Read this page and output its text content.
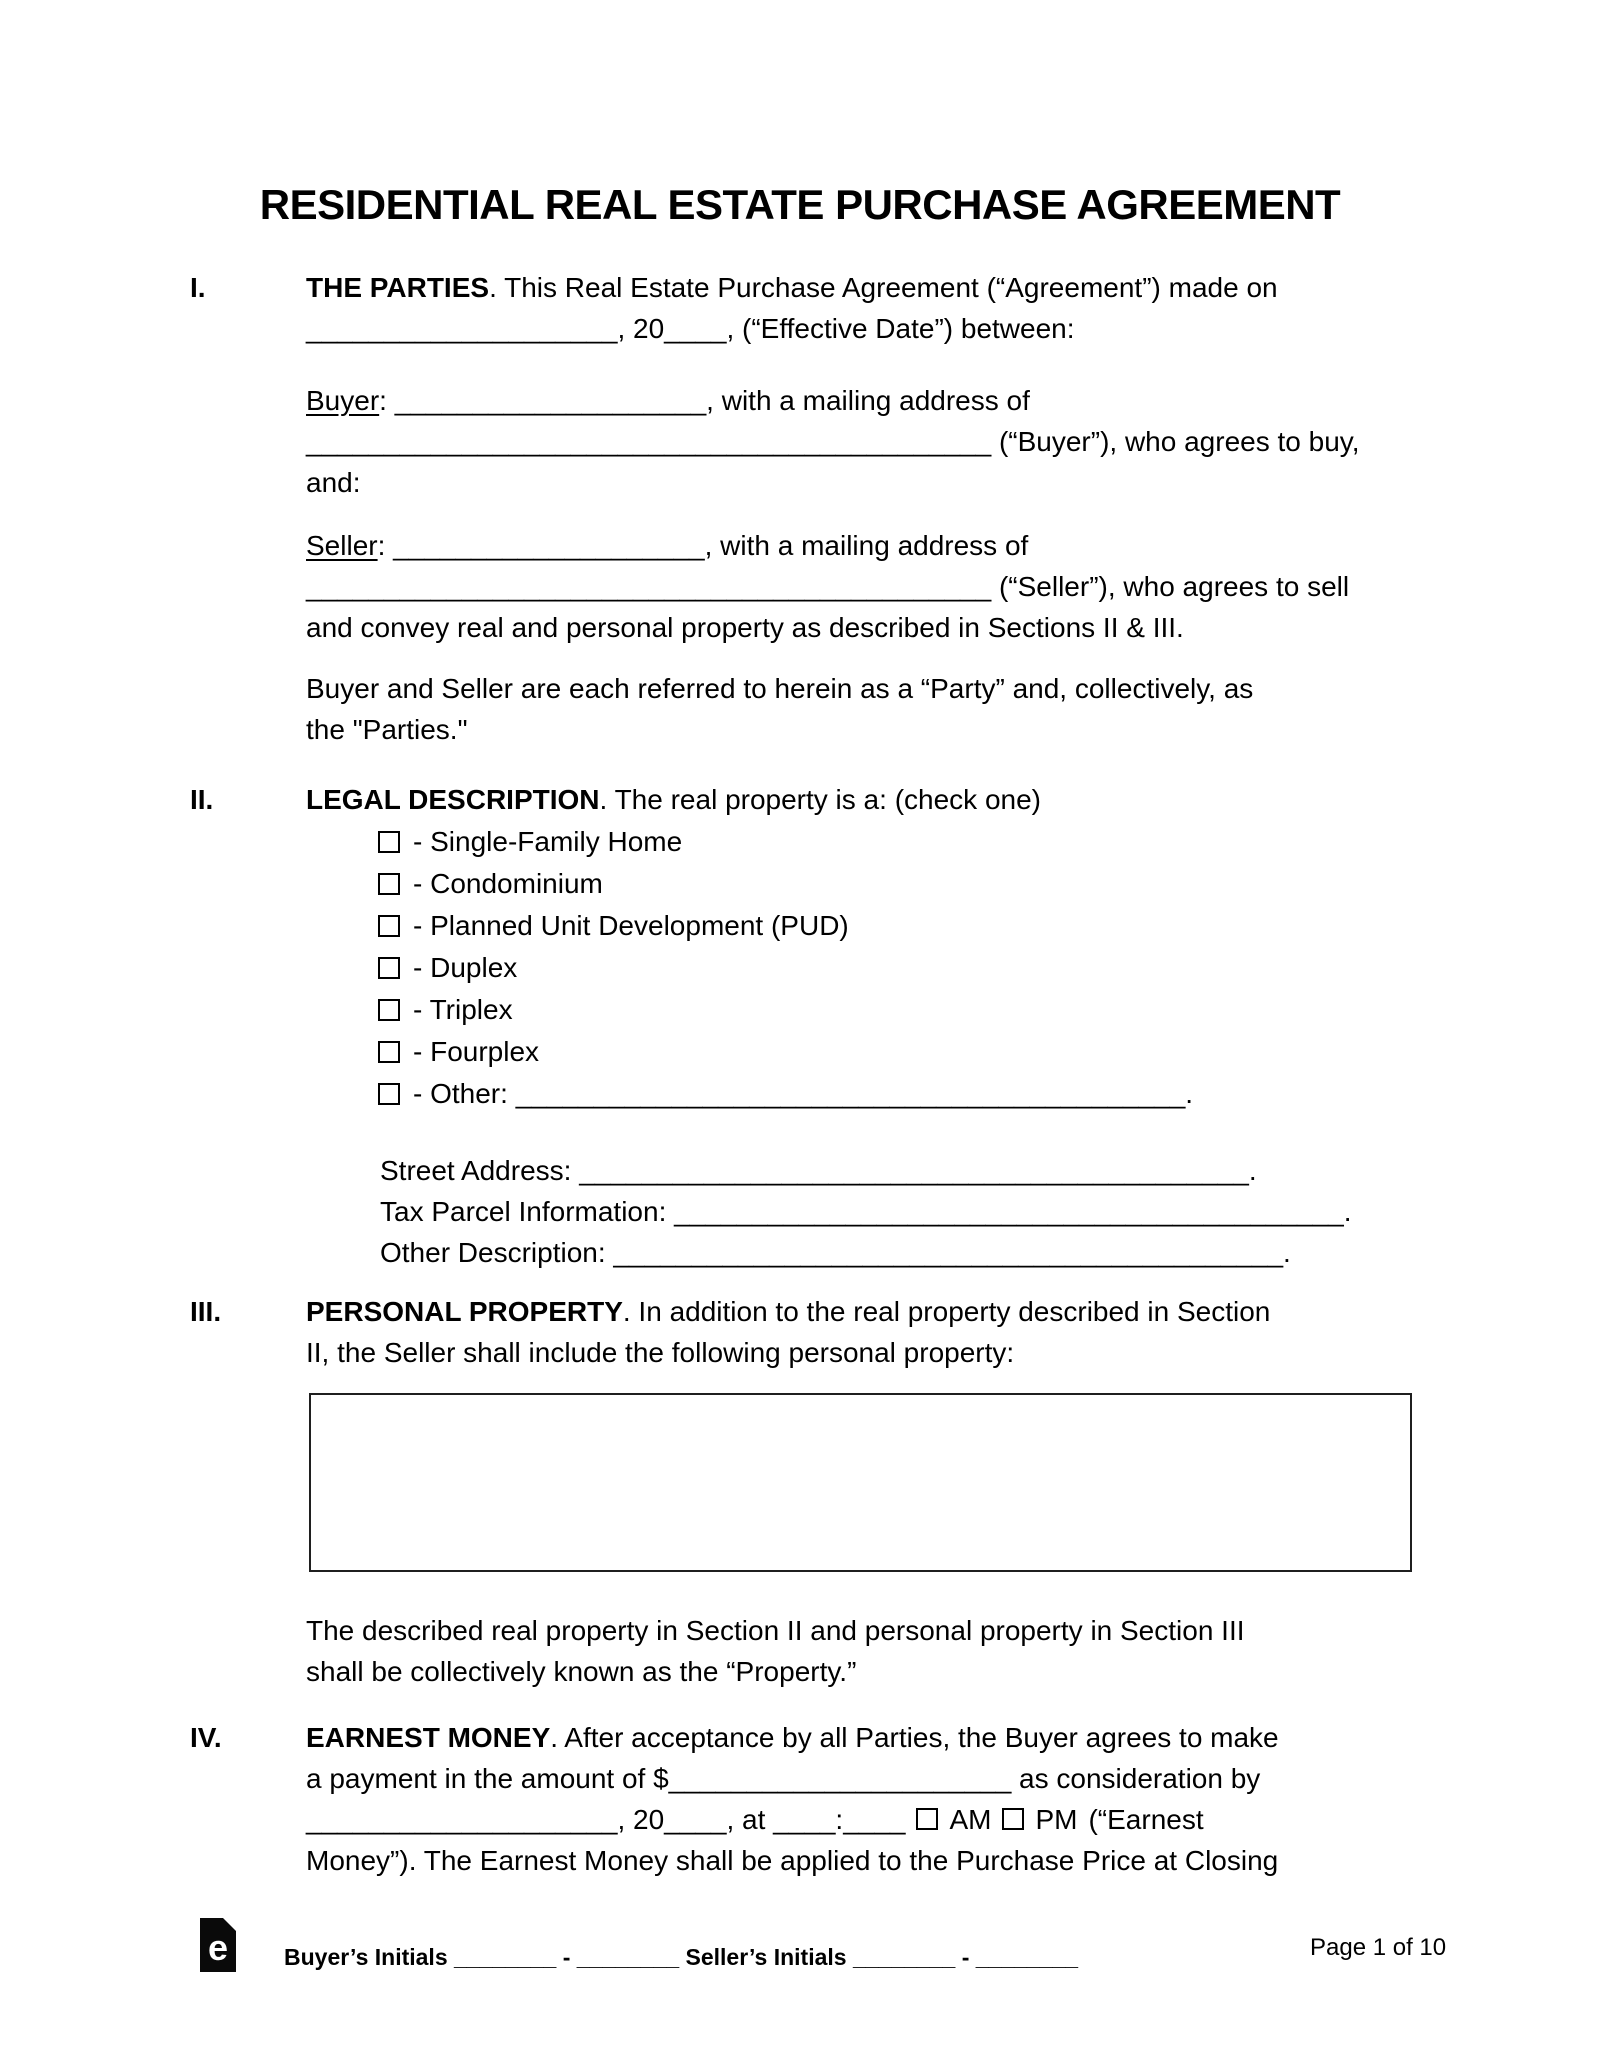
RESIDENTIAL REAL ESTATE PURCHASE AGREEMENT
I.	THE PARTIES. This Real Estate Purchase Agreement (“Agreement”) made on
____________________, 20____, (“Effective Date”) between:
Buyer: ____________________, with a mailing address of
____________________________________________ (“Buyer”), who agrees to buy,
and:
Seller: ____________________, with a mailing address of
____________________________________________ (“Seller”), who agrees to sell
and convey real and personal property as described in Sections II & III.
Buyer and Seller are each referred to herein as a “Party” and, collectively, as
the "Parties."
II.	LEGAL DESCRIPTION. The real property is a: (check one)
- Single-Family Home
- Condominium
- Planned Unit Development (PUD)
- Duplex
- Triplex
- Fourplex
- Other: ___________________________________________.
Street Address: ___________________________________________.
Tax Parcel Information: ___________________________________________.
Other Description: ___________________________________________.
III.	PERSONAL PROPERTY. In addition to the real property described in Section
II, the Seller shall include the following personal property:
The described real property in Section II and personal property in Section III
shall be collectively known as the “Property.”
IV.	EARNEST MONEY. After acceptance by all Parties, the Buyer agrees to make
a payment in the amount of $______________________ as consideration by
____________________, 20____, at ____:____ AM PM (“Earnest
Money”). The Earnest Money shall be applied to the Purchase Price at Closing
e	Buyer’s Initials ________ - ________ Seller’s Initials ________ - ________	Page 1 of 10
